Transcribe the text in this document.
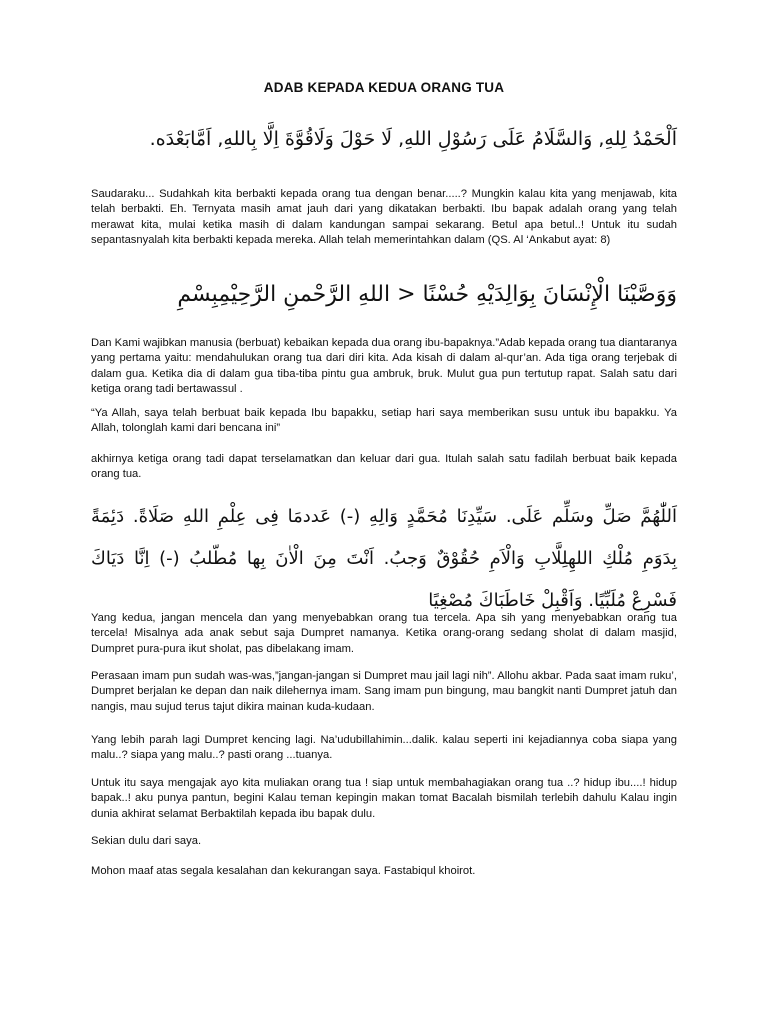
ADAB KEPADA KEDUA ORANG TUA
اَلْحَمْدُ لِلهِ, وَالسَّلَامُ عَلَى رَسُوْلِ اللهِ, لَا حَوْلَ وَلَاقُوَّةَ اِلَّا بِاللهِ, اَمَّابَعْدَه.

Saudaraku... Sudahkah kita berbakti kepada orang tua dengan benar.....? Mungkin kalau kita yang menjawab, kita telah berbakti. Eh. Ternyata masih amat jauh dari yang dikatakan berbakti. Ibu bapak adalah orang yang telah merawat kita, mulai ketika masih di dalam kandungan sampai sekarang. Betul apa betul..! Untuk itu sudah sepantasnyalah kita berbakti kepada mereka. Allah telah memerintahkan dalam (QS. Al ‘Ankabut ayat: 8)

وَوَصَّيْنَا الْإِنْسَانَ بِوَالِدَيْهِ حُسْنًا < اللهِ الرَّحْمنِ الرَّحِيْمِبِسْمِ

Dan Kami wajibkan manusia (berbuat) kebaikan kepada dua orang ibu-bapaknya.”Adab kepada orang tua diantaranya yang pertama yaitu: mendahulukan orang tua dari diri kita. Ada kisah di dalam al-qur’an. Ada tiga orang terjebak di dalam gua. Ketika dia di dalam gua tiba-tiba pintu gua ambruk, bruk. Mulut gua pun tertutup rapat. Salah satu dari ketiga orang tadi bertawassul .

“Ya Allah, saya telah berbuat baik kepada Ibu bapakku, setiap hari saya memberikan susu untuk ibu bapakku. Ya Allah, tolonglah kami dari bencana ini”

akhirnya ketiga orang tadi dapat terselamatkan dan keluar dari gua. Itulah salah satu fadilah berbuat baik kepada orang tua.

اَللّٰهُمَّ صَلِّ وسَلِّم عَلَى. سَيِّدِنَا مُحَمَّدٍ وَالِهِ (-) عَددمَا فِى عِلْمِ اللهِ صَلَاةً. دَىِٔمَةً بِدَوَمِ مُلْكِ اللهِلِلَّابِ وَالْاَمِ حُقُوْقٌ وَجبُ. اَنْتَ مِنَ الْاٰنَ بِها مُطّلبُ (-) اِنَّا دَيَاكَ فَسْرِعْ مُلَبِّيًا. وَاَقْبِلْ خَاطَبَاكَ مُصْغِيًا

Yang kedua, jangan mencela dan yang menyebabkan orang tua tercela. Apa sih yang menyebabkan orang tua tercela! Misalnya ada anak sebut saja Dumpret namanya. Ketika orang-orang sedang sholat di dalam masjid, Dumpret pura-pura ikut sholat, pas dibelakang imam.

Perasaan imam pun sudah was-was,”jangan-jangan si Dumpret mau jail lagi nih”. Allohu akbar. Pada saat imam ruku’, Dumpret berjalan ke depan dan naik dilehernya imam. Sang imam pun bingung, mau bangkit nanti Dumpret jatuh dan nangis, mau sujud terus tajut dikira mainan kuda-kudaan.

Yang lebih parah lagi Dumpret kencing lagi. Na’udubillahimin...dalik. kalau seperti ini kejadiannya coba siapa yang malu..? siapa yang malu..? pasti orang ...tuanya.

Untuk itu saya mengajak ayo kita muliakan orang tua ! siap untuk membahagiakan orang tua ..? hidup ibu....! hidup bapak..! aku punya pantun, begini Kalau teman kepingin makan tomat Bacalah bismilah terlebih dahulu Kalau ingin dunia akhirat selamat Berbaktilah kepada ibu bapak dulu.

Sekian dulu dari saya.

Mohon maaf atas segala kesalahan dan kekurangan saya. Fastabiqul khoirot.
